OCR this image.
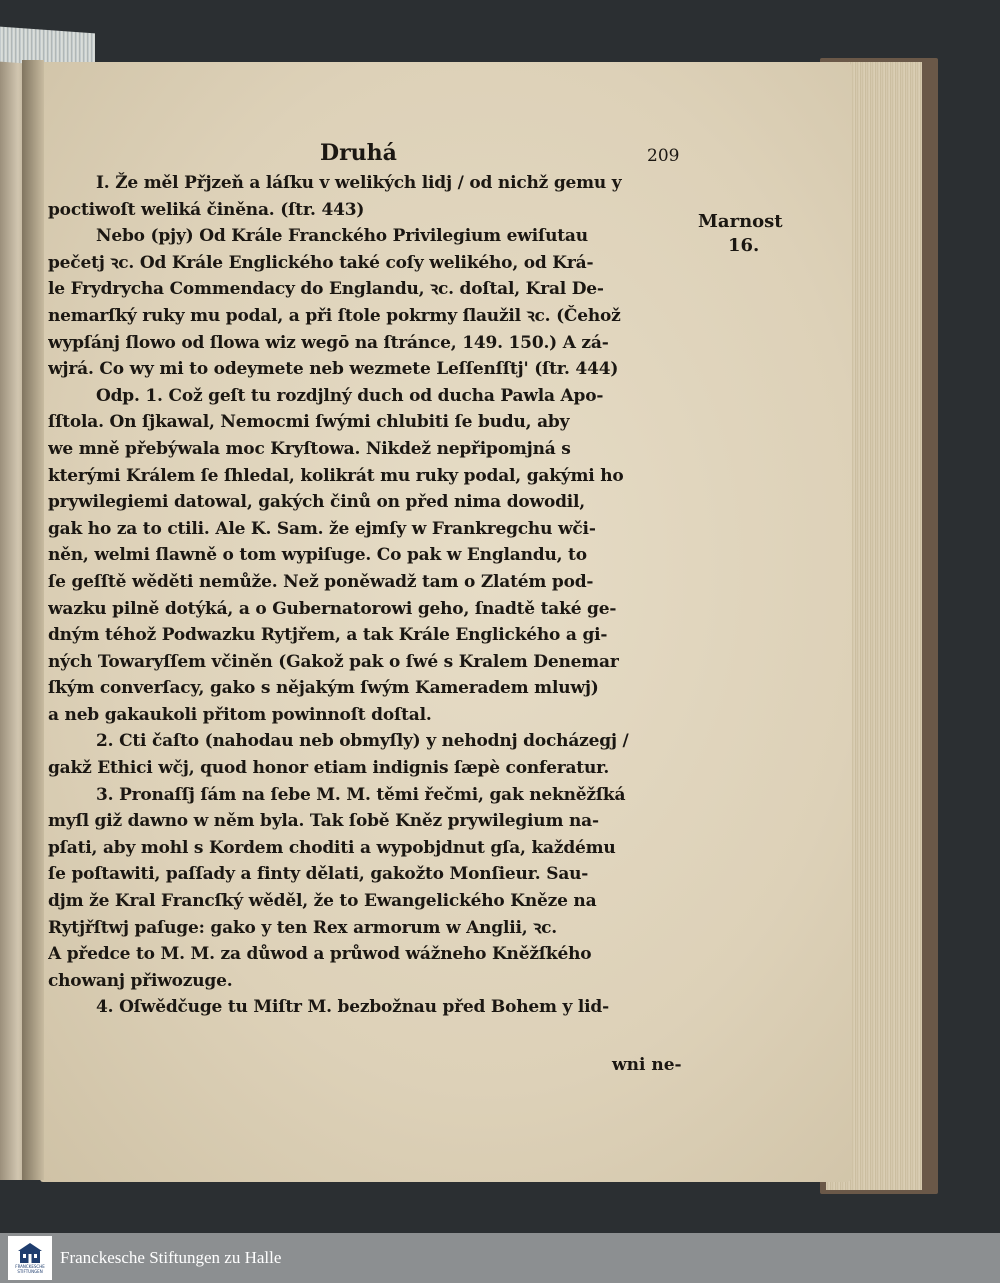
Druhá	209
I. Že měl Přjzeň a láſku v welikých lidj / od nichž gemu y
poctiwoſt weliká činěna. (ſtr. 443)
Nebo (pjy) Od Krále Franckého Privilegium ewiſutau
pečetj ꝛc. Od Krále Englického také coſy welikého, od Krá-
le Frydrycha Commendacy do Englandu, ꝛc. doſtal, Kral De-
nemarſký ruky mu podal, a při ſtole pokrmy ſlaužil ꝛc. (Čehož
wypſánj ſlowo od ſlowa wiz wegō na ſtránce, 149. 150.) A zá-
wjrá. Co wy mi to odeymete neb wezmete Leſſenſſtj' (ſtr. 444)
Odp. 1. Což geſt tu rozdjlný duch od ducha Pawla Apo-
ſſtola. On ſjkawal, Nemocmi ſwými chlubiti ſe budu, aby
we mně přebýwala moc Kryſtowa. Nikdež nepřipomjná s
kterými Králem ſe ſhledal, kolikrát mu ruky podal, gakými ho
prywilegiemi datowal, gakých činů on před nima dowodil,
gak ho za to ctili. Ale K. Sam. že ejmſy w Frankregchu wči-
něn, welmi ſlawně o tom wypiſuge. Co pak w Englandu, to
ſe geſſtě wěděti nemůže. Než poněwadž tam o Zlatém pod-
wazku pilně dotýká, a o Gubernatorowi geho, ſnadtě také ge-
dným téhož Podwazku Rytjřem, a tak Krále Englického a gi-
ných Towaryſſem včiněn (Gakož pak o ſwé s Kralem Denemar
ſkým converſacy, gako s nějakým ſwým Kameradem mluwj)
a neb gakaukoli přitom powinnoſt doſtal.
2. Cti čaſto (nahodau neb obmyſly) y nehodnj docházegj /
gakž Ethici wčj, quod honor etiam indignis ſæpè conferatur.
3. Pronaſſj ſám na ſebe M. M. těmi řečmi, gak nekněžſká
myſl giž dawno w něm byla. Tak ſobě Kněz prywilegium na-
pſati, aby mohl s Kordem choditi a wypobjdnut gſa, každému
ſe poſtawiti, paſſady a finty dělati, gakožto Monſieur. Sau-
djm že Kral Francſký wěděl, že to Ewangelického Kněze na
Rytjřſtwj paſuge: gako y ten Rex armorum w Anglii, ꝛc.
A předce to M. M. za důwod a průwod wážneho Kněžſkého
chowanj přiwozuge.
4. Oſwědčuge tu Miſtr M. bezbožnau před Bohem y lid-
Marnost
16.
wni ne-
FRANCKESCHE
STIFTUNGEN
Franckesche Stiftungen zu Halle
